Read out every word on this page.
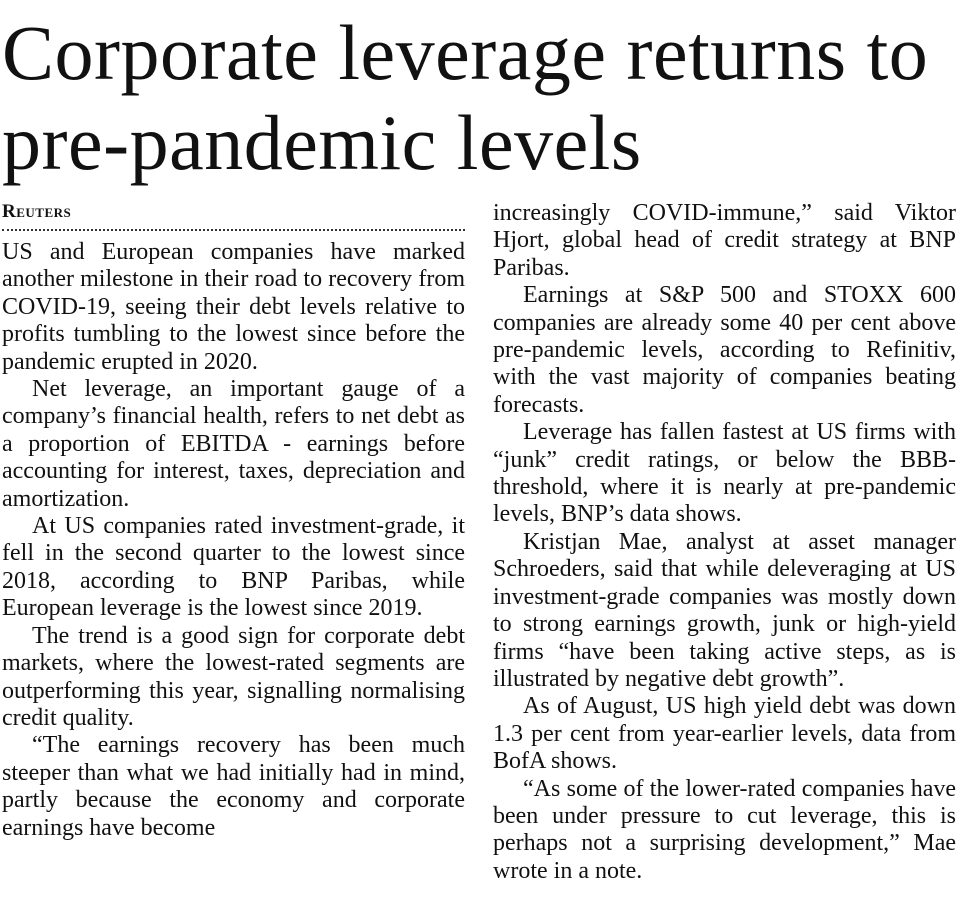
Corporate leverage returns to pre-pandemic levels
Reuters

US and European companies have marked another milestone in their road to recovery from COVID-19, seeing their debt levels relative to profits tumbling to the lowest since before the pandemic erupted in 2020.

Net leverage, an important gauge of a company’s financial health, refers to net debt as a proportion of EBITDA - earnings before accounting for interest, taxes, depreciation and amortization.

At US companies rated investment-grade, it fell in the second quarter to the lowest since 2018, according to BNP Paribas, while European leverage is the lowest since 2019.

The trend is a good sign for corporate debt markets, where the lowest-rated segments are outperforming this year, signalling normalising credit quality.

“The earnings recovery has been much steeper than what we had initially had in mind, partly because the economy and corporate earnings have become

increasingly COVID-immune,” said Viktor Hjort, global head of credit strategy at BNP Paribas.

Earnings at S&P 500 and STOXX 600 companies are already some 40 per cent above pre-pandemic levels, according to Refinitiv, with the vast majority of companies beating forecasts.

Leverage has fallen fastest at US firms with “junk” credit ratings, or below the BBB- threshold, where it is nearly at pre-pandemic levels, BNP’s data shows.

Kristjan Mae, analyst at asset manager Schroeders, said that while deleveraging at US investment-grade companies was mostly down to strong earnings growth, junk or high-yield firms “have been taking active steps, as is illustrated by negative debt growth”.

As of August, US high yield debt was down 1.3 per cent from year-earlier levels, data from BofA shows.

“As some of the lower-rated companies have been under pressure to cut leverage, this is perhaps not a surprising development,” Mae wrote in a note.
